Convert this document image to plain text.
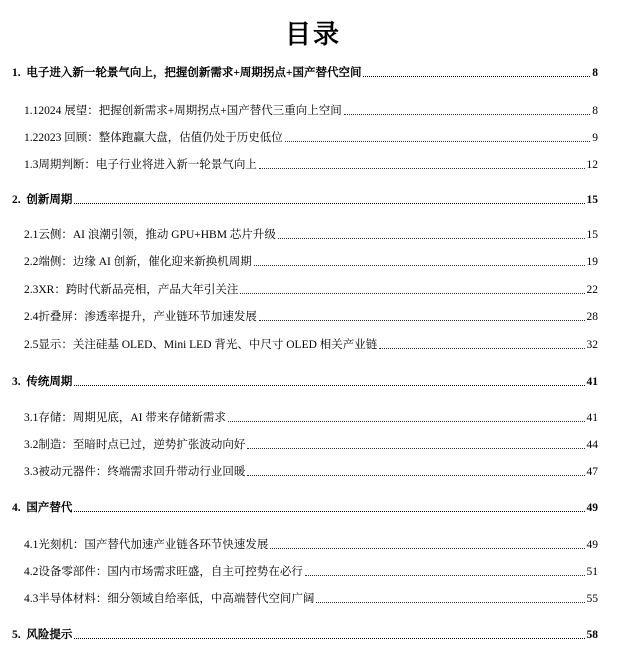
目录
1. 电子进入新一轮景气向上，把握创新需求+周期拐点+国产替代空间	8
1.1 2024 展望：把握创新需求+周期拐点+国产替代三重向上空间	8
1.2 2023 回顾：整体跑赢大盘，估值仍处于历史低位	9
1.3 周期判断：电子行业将进入新一轮景气向上	12
2. 创新周期	15
2.1 云侧：AI 浪潮引领，推动 GPU+HBM 芯片升级	15
2.2 端侧：边缘 AI 创新，催化迎来新换机周期	19
2.3 XR：跨时代新品亮相，产品大年引关注	22
2.4 折叠屏：渗透率提升，产业链环节加速发展	28
2.5 显示：关注硅基 OLED、Mini LED 背光、中尺寸 OLED 相关产业链	32
3. 传统周期	41
3.1 存储：周期见底，AI 带来存储新需求	41
3.2 制造：至暗时点已过，逆势扩张波动向好	44
3.3 被动元器件：终端需求回升带动行业回暖	47
4. 国产替代	49
4.1 光刻机：国产替代加速产业链各环节快速发展	49
4.2 设备零部件：国内市场需求旺盛，自主可控势在必行	51
4.3 半导体材料：细分领域自给率低，中高端替代空间广阔	55
5. 风险提示	58
